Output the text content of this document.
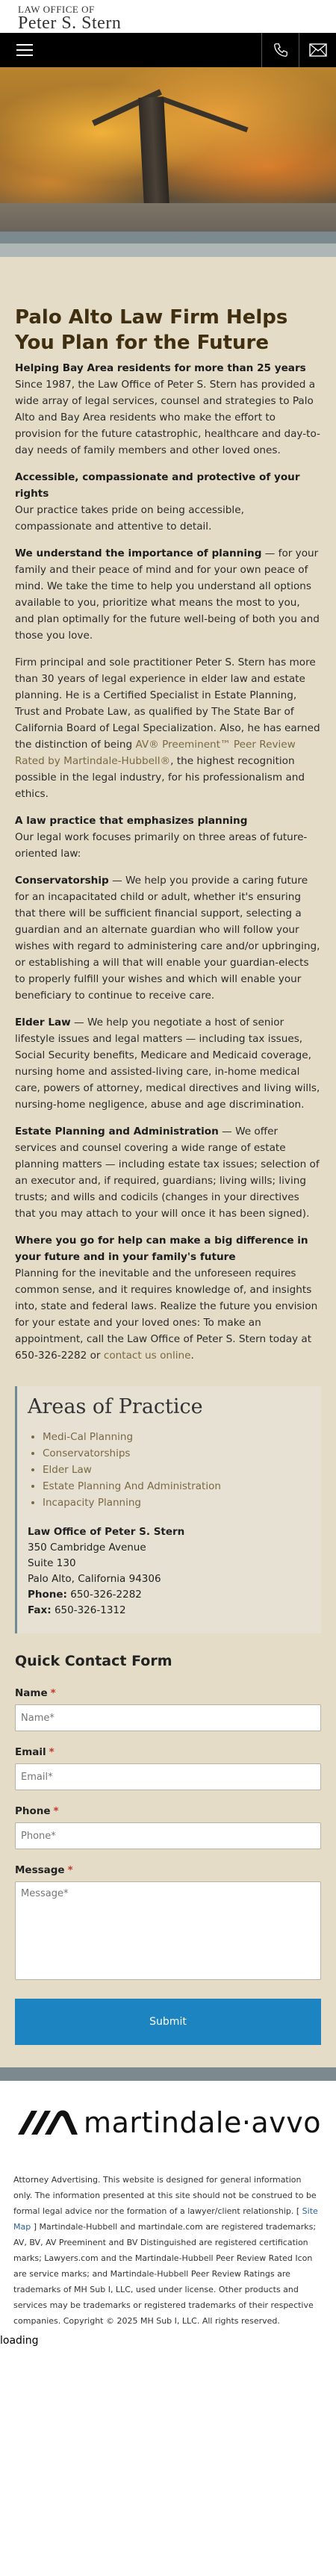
LAW OFFICE OF
Peter S. Stern
Palo Alto Law Firm Helps You Plan for the Future

Helping Bay Area residents for more than 25 years
Since 1987, the Law Office of Peter S. Stern has provided a wide array of legal services, counsel and strategies to Palo Alto and Bay Area residents who make the effort to provision for the future catastrophic, healthcare and day-to-day needs of family members and other loved ones.

Accessible, compassionate and protective of your rights
Our practice takes pride on being accessible, compassionate and attentive to detail.

We understand the importance of planning — for your family and their peace of mind and for your own peace of mind. We take the time to help you understand all options available to you, prioritize what means the most to you, and plan optimally for the future well-being of both you and those you love.

Firm principal and sole practitioner Peter S. Stern has more than 30 years of legal experience in elder law and estate planning. He is a Certified Specialist in Estate Planning, Trust and Probate Law, as qualified by The State Bar of California Board of Legal Specialization. Also, he has earned the distinction of being AV® Preeminent™ Peer Review Rated by Martindale-Hubbell®, the highest recognition possible in the legal industry, for his professionalism and ethics.

A law practice that emphasizes planning
Our legal work focuses primarily on three areas of future-oriented law:

Conservatorship — We help you provide a caring future for an incapacitated child or adult, whether it's ensuring that there will be sufficient financial support, selecting a guardian and an alternate guardian who will follow your wishes with regard to administering care and/or upbringing, or establishing a will that will enable your guardian-elects to properly fulfill your wishes and which will enable your beneficiary to continue to receive care.

Elder Law — We help you negotiate a host of senior lifestyle issues and legal matters — including tax issues, Social Security benefits, Medicare and Medicaid coverage, nursing home and assisted-living care, in-home medical care, powers of attorney, medical directives and living wills, nursing-home negligence, abuse and age discrimination.

Estate Planning and Administration — We offer services and counsel covering a wide range of estate planning matters — including estate tax issues; selection of an executor and, if required, guardians; living wills; living trusts; and wills and codicils (changes in your directives that you may attach to your will once it has been signed).

Where you go for help can make a big difference in your future and in your family's future
Planning for the inevitable and the unforeseen requires common sense, and it requires knowledge of, and insights into, state and federal laws. Realize the future you envision for your estate and your loved ones: To make an appointment, call the Law Office of Peter S. Stern today at 650-326-2282 or contact us online.

Areas of Practice
• Medi-Cal Planning
• Conservatorships
• Elder Law
• Estate Planning And Administration
• Incapacity Planning
Law Office of Peter S. Stern
350 Cambridge Avenue
Suite 130
Palo Alto, California 94306
Phone: 650-326-2282
Fax: 650-326-1312
Quick Contact Form
Name *
Name*
Email *
Email*
Phone *
Phone*
Message *
Message*
Submit
martindale·avvo

Attorney Advertising. This website is designed for general information only. The information presented at this site should not be construed to be formal legal advice nor the formation of a lawyer/client relationship. [ Site Map ] Martindale-Hubbell and martindale.com are registered trademarks; AV, BV, AV Preeminent and BV Distinguished are registered certification marks; Lawyers.com and the Martindale-Hubbell Peer Review Rated Icon are service marks; and Martindale-Hubbell Peer Review Ratings are trademarks of MH Sub I, LLC, used under license. Other products and services may be trademarks or registered trademarks of their respective companies. Copyright © 2025 MH Sub I, LLC. All rights reserved.

loading
